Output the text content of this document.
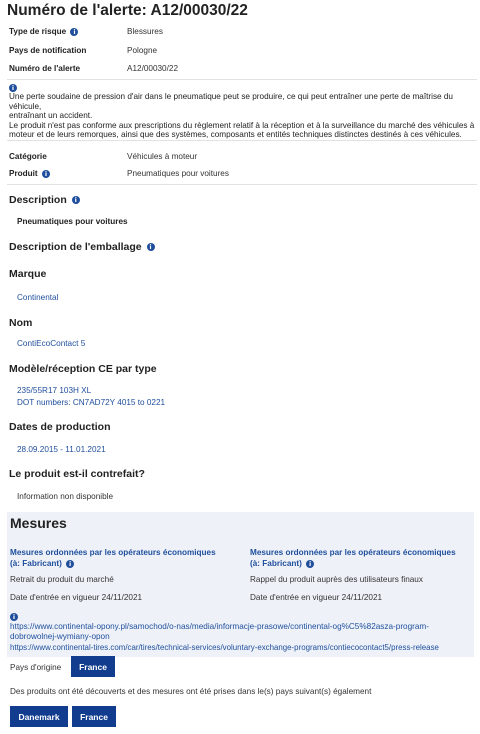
Numéro de l'alerte: A12/00030/22
Type de risque i	Blessures
Pays de notification	Pologne
Numéro de l'alerte	A12/00030/22
i
Une perte soudaine de pression d'air dans le pneumatique peut se produire, ce qui peut entraîner une perte de maîtrise du véhicule,
entraînant un accident.
Le produit n'est pas conforme aux prescriptions du règlement relatif à la réception et à la surveillance du marché des véhicules à
moteur et de leurs remorques, ainsi que des systèmes, composants et entités techniques distinctes destinés à ces véhicules.
Catégorie	Véhicules à moteur
Produit i	Pneumatiques pour voitures
Description i
Pneumatiques pour voitures
Description de l'emballage i
Marque
Continental
Nom
ContiEcoContact 5
Modèle/réception CE par type
235/55R17 103H XL
DOT numbers: CN7AD72Y 4015 to 0221
Dates de production
28.09.2015 - 11.01.2021
Le produit est-il contrefait?
Information non disponible
Mesures
Mesures ordonnées par les opérateurs économiques
(à: Fabricant) i
Retrait du produit du marché
Date d'entrée en vigueur 24/11/2021
Mesures ordonnées par les opérateurs économiques
(à: Fabricant) i
Rappel du produit auprès des utilisateurs finaux
Date d'entrée en vigueur 24/11/2021
i
https://www.continental-opony.pl/samochod/o-nas/media/informacje-prasowe/continental-og%C5%82asza-program-
dobrowolnej-wymiany-opon
https://www.continental-tires.com/car/tires/technical-services/voluntary-exchange-programs/contiecocontact5/press-release
Pays d'origine	France
Des produits ont été découverts et des mesures ont été prises dans le(s) pays suivant(s) également
Danemark	France
